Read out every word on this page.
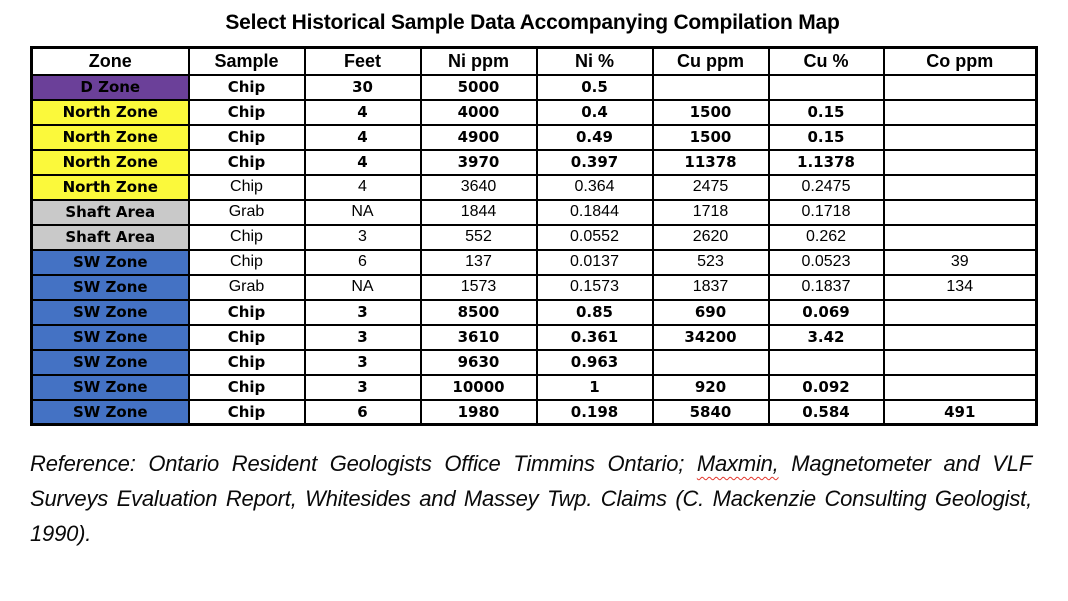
Select Historical Sample Data Accompanying Compilation Map
Zone	Sample	Feet	Ni ppm	Ni %	Cu ppm	Cu %	Co ppm
D Zone	Chip	30	5000	0.5			
North Zone	Chip	4	4000	0.4	1500	0.15	
North Zone	Chip	4	4900	0.49	1500	0.15	
North Zone	Chip	4	3970	0.397	11378	1.1378	
North Zone	Chip	4	3640	0.364	2475	0.2475	
Shaft Area	Grab	NA	1844	0.1844	1718	0.1718	
Shaft Area	Chip	3	552	0.0552	2620	0.262	
SW Zone	Chip	6	137	0.0137	523	0.0523	39
SW Zone	Grab	NA	1573	0.1573	1837	0.1837	134
SW Zone	Chip	3	8500	0.85	690	0.069	
SW Zone	Chip	3	3610	0.361	34200	3.42	
SW Zone	Chip	3	9630	0.963			
SW Zone	Chip	3	10000	1	920	0.092	
SW Zone	Chip	6	1980	0.198	5840	0.584	491

Reference: Ontario Resident Geologists Office Timmins Ontario; Maxmin, Magnetometer and VLF Surveys Evaluation Report, Whitesides and Massey Twp. Claims (C. Mackenzie Consulting Geologist, 1990).
